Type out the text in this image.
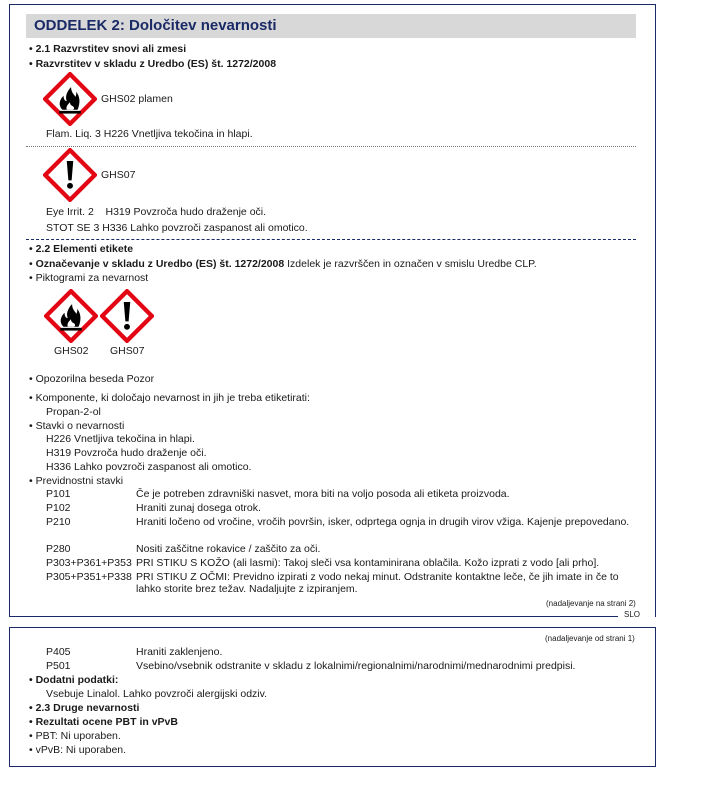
SLO
ODDELEK 2: Določitev nevarnosti
• 2.1 Razvrstitev snovi ali zmesi
• Razvrstitev v skladu z Uredbo (ES) št. 1272/2008
GHS02 plamen
Flam. Liq. 3 H226 Vnetljiva tekočina in hlapi.
GHS07
Eye Irrit. 2    H319 Povzroča hudo draženje oči.
STOT SE 3 H336 Lahko povzroči zaspanost ali omotico.
• 2.2 Elementi etikete
• Označevanje v skladu z Uredbo (ES) št. 1272/2008 Izdelek je razvrščen in označen v smislu Uredbe CLP.
• Piktogrami za nevarnost
GHS02 GHS07
• Opozorilna beseda Pozor
• Komponente, ki določajo nevarnost in jih je treba etiketirati:
Propan-2-ol
• Stavki o nevarnosti
H226 Vnetljiva tekočina in hlapi.
H319 Povzroča hudo draženje oči.
H336 Lahko povzroči zaspanost ali omotico.
• Previdnostni stavki
P101	Če je potreben zdravniški nasvet, mora biti na voljo posoda ali etiketa proizvoda.
P102	Hraniti zunaj dosega otrok.
P210	Hraniti ločeno od vročine, vročih površin, isker, odprtega ognja in drugih virov vžiga. Kajenje prepovedano.
P280	Nositi zaščitne rokavice / zaščito za oči.
P303+P361+P353 PRI STIKU S KOŽO (ali lasmi): Takoj sleči vsa kontaminirana oblačila. Kožo izprati z vodo [ali prho].
P305+P351+P338 PRI STIKU Z OČMI: Previdno izpirati z vodo nekaj minut. Odstranite kontaktne leče, če jih imate in če to lahko storite brez težav. Nadaljujte z izpiranjem.
(nadaljevanje na strani 2)
(nadaljevanje od strani 1)
P405	Hraniti zaklenjeno.
P501	Vsebino/vsebnik odstranite v skladu z lokalnimi/regionalnimi/narodnimi/mednarodnimi predpisi.
• Dodatni podatki:
Vsebuje Linalol. Lahko povzroči alergijski odziv.
• 2.3 Druge nevarnosti
• Rezultati ocene PBT in vPvB
• PBT: Ni uporaben.
• vPvB: Ni uporaben.
